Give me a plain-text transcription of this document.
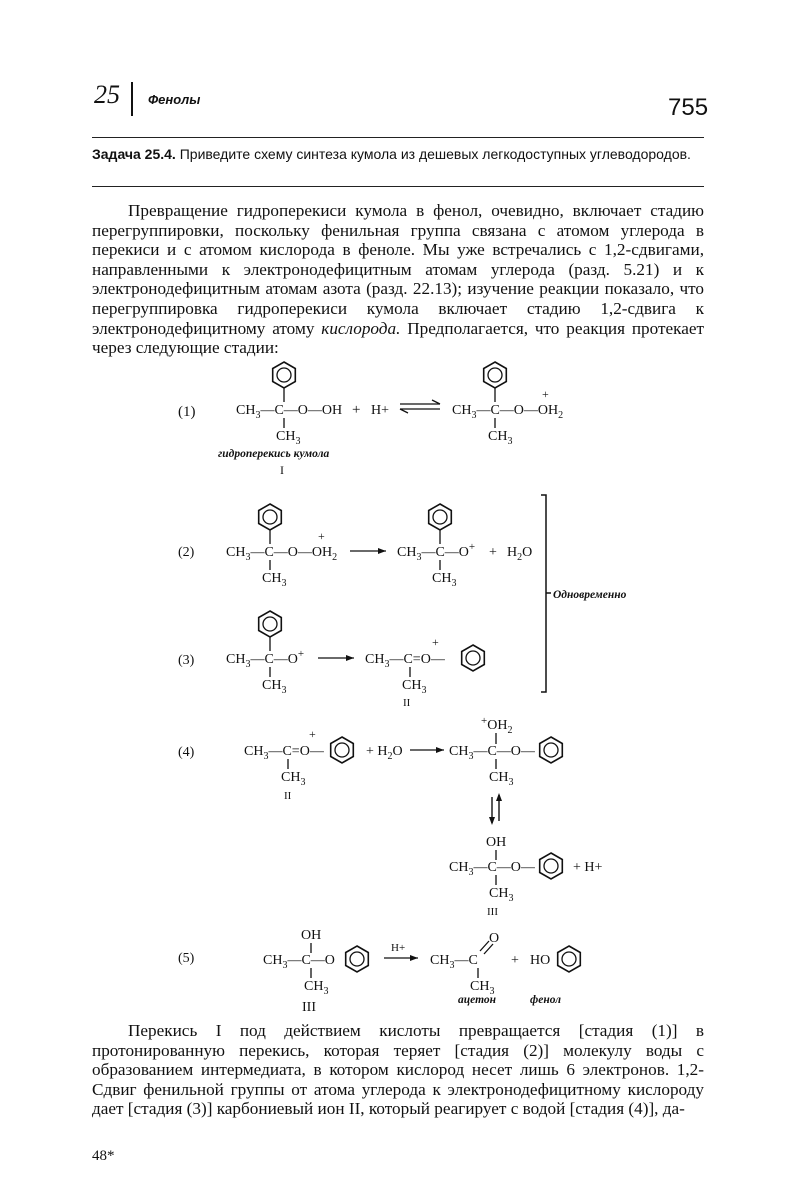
25 Фенолы	755
Задача 25.4. Приведите схему синтеза кумола из дешевых легкодоступных углеводородов.

Превращение гидроперекиси кумола в фенол, очевидно, включает стадию перегруппировки, поскольку фенильная группа связана с атомом углерода в перекиси и с атомом кислорода в феноле. Мы уже встречались с 1,2-сдвигами, направленными к электронодефицитным атомам углерода (разд. 5.21) и к электронодефицитным атомам азота (разд. 22.13); изучение реакции показало, что перегруппировка гидроперекиси кумола включает стадию 1,2-сдвига к электронодефицитному атому кислорода. Предполагается, что реакция протекает через следующие стадии:

(1)	$CH_3—C—O—OH$
$CH_3$
+ H+	$CH_3—C—O—OH_2$
+
$CH_3$
гидроперекись кумола
I
(2) $CH_3—C—O—OH_2$
+
$CH_3$
$CH_3—C—O^+ + H_2O$
$CH_3$
Одновременно
(3) $CH_3—C—O^+$
$CH_3$
$CH_3—C=O—$
+
$CH_3$
II
(4)	$CH_3—C=O—$
+
$CH_3$
II
+ $H_2O$
$^+OH_2$
$CH_3—C—O—$
$CH_3$
OH
$CH_3—C—O—$	+ H+
$CH_3$
III
(5)
OH
$CH_3—C—O$
$CH_3$
III
H+
$CH_3—C$
O
$CH_3$
ацетон
+ HO
фенол

Перекись I под действием кислоты превращается [стадия (1)] в протонированную перекись, которая теряет [стадия (2)] молекулу воды с образованием интермедиата, в котором кислород несет лишь 6 электронов. 1,2-Сдвиг фенильной группы от атома углерода к электронодефицитному кислороду дает [стадия (3)] карбониевый ион II, который реагирует с водой [стадия (4)], да-

48*
